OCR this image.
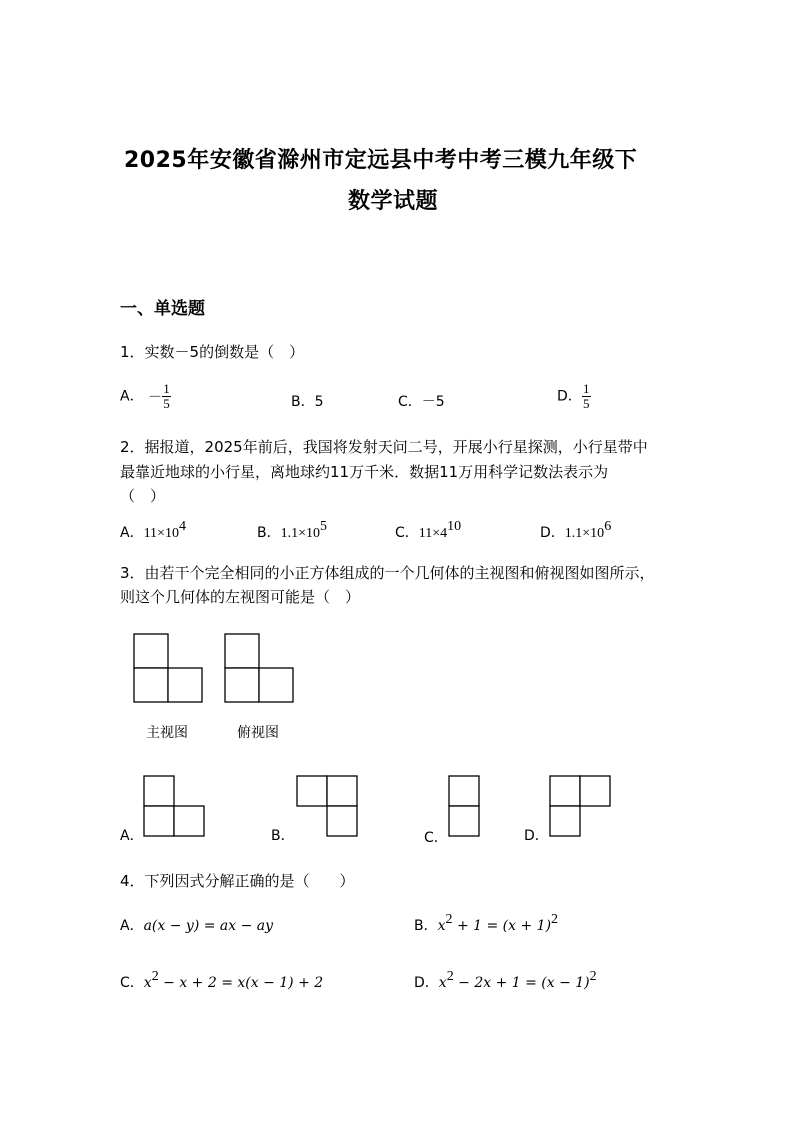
2025年安徽省滁州市定远县中考中考三模九年级下
数学试题
一、单选题
1．实数－5的倒数是（　）
A． － $\frac{1}{5}$	B．5	C．－5	D． $\frac{1}{5}$
2．据报道，2025年前后，我国将发射天问二号，开展小行星探测，小行星带中
最靠近地球的小行星，离地球约11万千米．数据11万用科学记数法表示为
（　）
A．$11\times 10^4$	B．$1.1\times 10^5$	C．$11\times 4^{10}$	D．$1.1\times 10^6$
3．由若干个完全相同的小正方体组成的一个几何体的主视图和俯视图如图所示，
则这个几何体的左视图可能是（　）
主视图	俯视图
A．	B．	C．	D．
4．下列因式分解正确的是（　　）
A．a(x − y) = ax − ay	B．$x^2 + 1 = (x + 1)^2$
C．$x^2 - x + 2 = x(x - 1) + 2$	D．$x^2 - 2x + 1 = (x - 1)^2$
